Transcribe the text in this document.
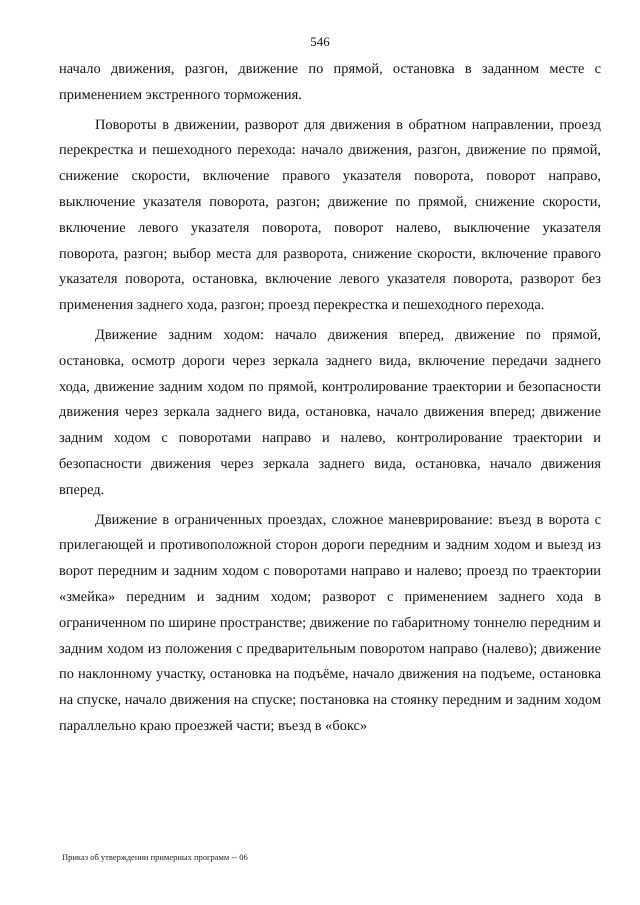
546

начало движения, разгон, движение по прямой, остановка в заданном месте с применением экстренного торможения.

Повороты в движении, разворот для движения в обратном направлении, проезд перекрестка и пешеходного перехода: начало движения, разгон, движение по прямой, снижение скорости, включение правого указателя поворота, поворот направо, выключение указателя поворота, разгон; движение по прямой, снижение скорости, включение левого указателя поворота, поворот налево, выключение указателя поворота, разгон; выбор места для разворота, снижение скорости, включение правого указателя поворота, остановка, включение левого указателя поворота, разворот без применения заднего хода, разгон; проезд перекрестка и пешеходного перехода.

Движение задним ходом: начало движения вперед, движение по прямой, остановка, осмотр дороги через зеркала заднего вида, включение передачи заднего хода, движение задним ходом по прямой, контролирование траектории и безопасности движения через зеркала заднего вида, остановка, начало движения вперед; движение задним ходом с поворотами направо и налево, контролирование траектории и безопасности движения через зеркала заднего вида, остановка, начало движения вперед.

Движение в ограниченных проездах, сложное маневрирование: въезд в ворота с прилегающей и противоположной сторон дороги передним и задним ходом и выезд из ворот передним и задним ходом с поворотами направо и налево; проезд по траектории «змейка» передним и задним ходом; разворот с применением заднего хода в ограниченном по ширине пространстве; движение по габаритному тоннелю передним и задним ходом из положения с предварительным поворотом направо (налево); движение по наклонному участку, остановка на подъёме, начало движения на подъеме, остановка на спуске, начало движения на спуске; постановка на стоянку передним и задним ходом параллельно краю проезжей части; въезд в «бокс»

Приказ об утверждении примерных программ -- 06
